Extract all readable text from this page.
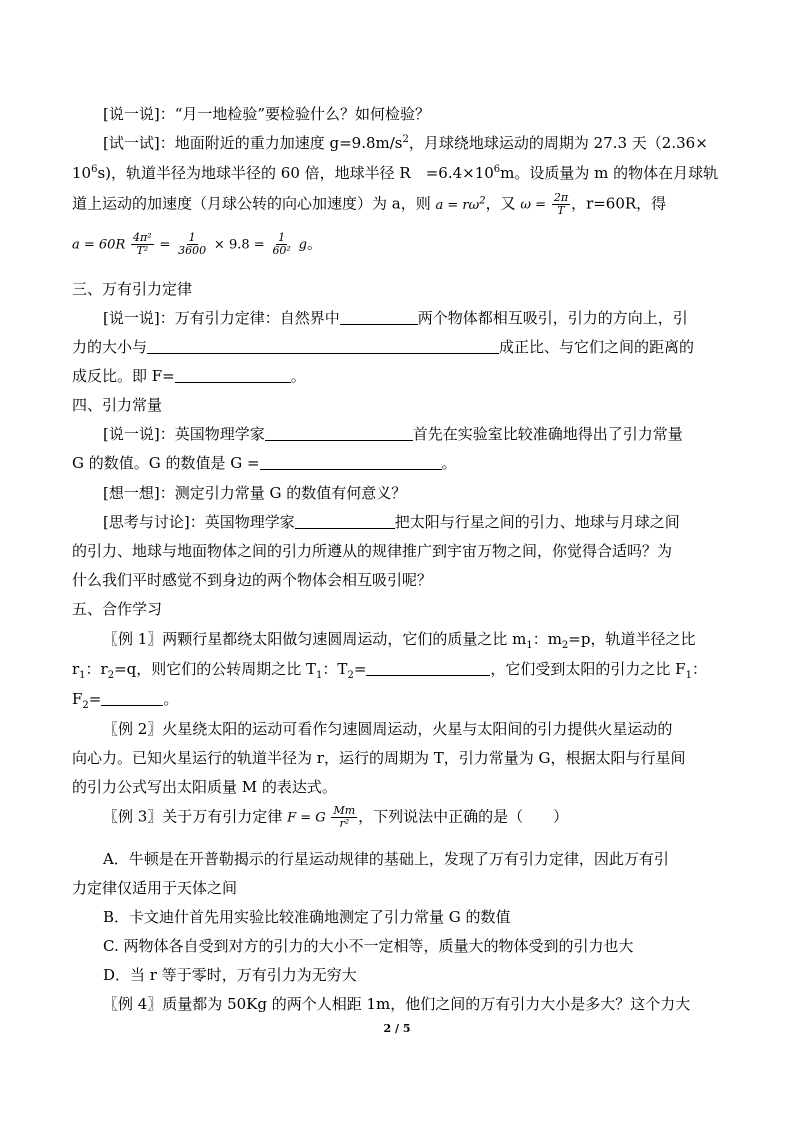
[说一说]：“月一地检验”要检验什么？如何检验？
[试一试]：地面附近的重力加速度 $g=9.8m/s^2$，月球绕地球运动的周期为 27.3 天（2.36×
$10^6s$)，轨道半径为地球半径的 60 倍，地球半径 R　$=6.4\times 10^6m$。设质量为 m 的物体在月球轨
道上运动的加速度（月球公转的向心加速度）为 a，则 $a = r\omega^2$，又 $\omega = \frac{2\pi}{T}$ ，r=60R，得
$a = 60R \frac{\text{4π²}}{\text{T²}} = \frac{1}{3600} \times 9.8 = \frac{1}{\text{60²}}$ g。
三、万有引力定律
[说一说]：万有引力定律：自然界中	两个物体都相互吸引，引力的方向上，引
力的大小与	成正比、与它们之间的距离的
成反比。即 F=	。
四、引力常量
[说一说]：英国物理学家	首先在实验室比较准确地得出了引力常量
G 的数值。G 的数值是 G =	。
[想一想]：测定引力常量 G 的数值有何意义？
[思考与讨论]：英国物理学家	把太阳与行星之间的引力、地球与月球之间
的引力、地球与地面物体之间的引力所遵从的规律推广到宇宙万物之间，你觉得合适吗？为
什么我们平时感觉不到身边的两个物体会相互吸引呢？
五、合作学习
〖例 1〗两颗行星都绕太阳做匀速圆周运动，它们的质量之比 $m_1$：$m_2=p$，轨道半径之比
$r_1$：$r_2=q$，则它们的公转周期之比 $T_1$：$T_2=$	，它们受到太阳的引力之比 $F_1$：
$F_2=$	。
〖例 2〗火星绕太阳的运动可看作匀速圆周运动，火星与太阳间的引力提供火星运动的
向心力。已知火星运行的轨道半径为 r，运行的周期为 T，引力常量为 G，根据太阳与行星间
的引力公式写出太阳质量 M 的表达式。
〖例 3〗关于万有引力定律 F = G $\frac{Mm}{\text{r²}}$ ，下列说法中正确的是（　　）
A．牛顿是在开普勒揭示的行星运动规律的基础上，发现了万有引力定律，因此万有引
力定律仅适用于天体之间
B．卡文迪什首先用实验比较准确地测定了引力常量 G 的数值
C. 两物体各自受到对方的引力的大小不一定相等，质量大的物体受到的引力也大
D．当 r 等于零时，万有引力为无穷大
〖例 4〗质量都为 50Kg 的两个人相距 1m，他们之间的万有引力大小是多大？这个力大
2 / 5
